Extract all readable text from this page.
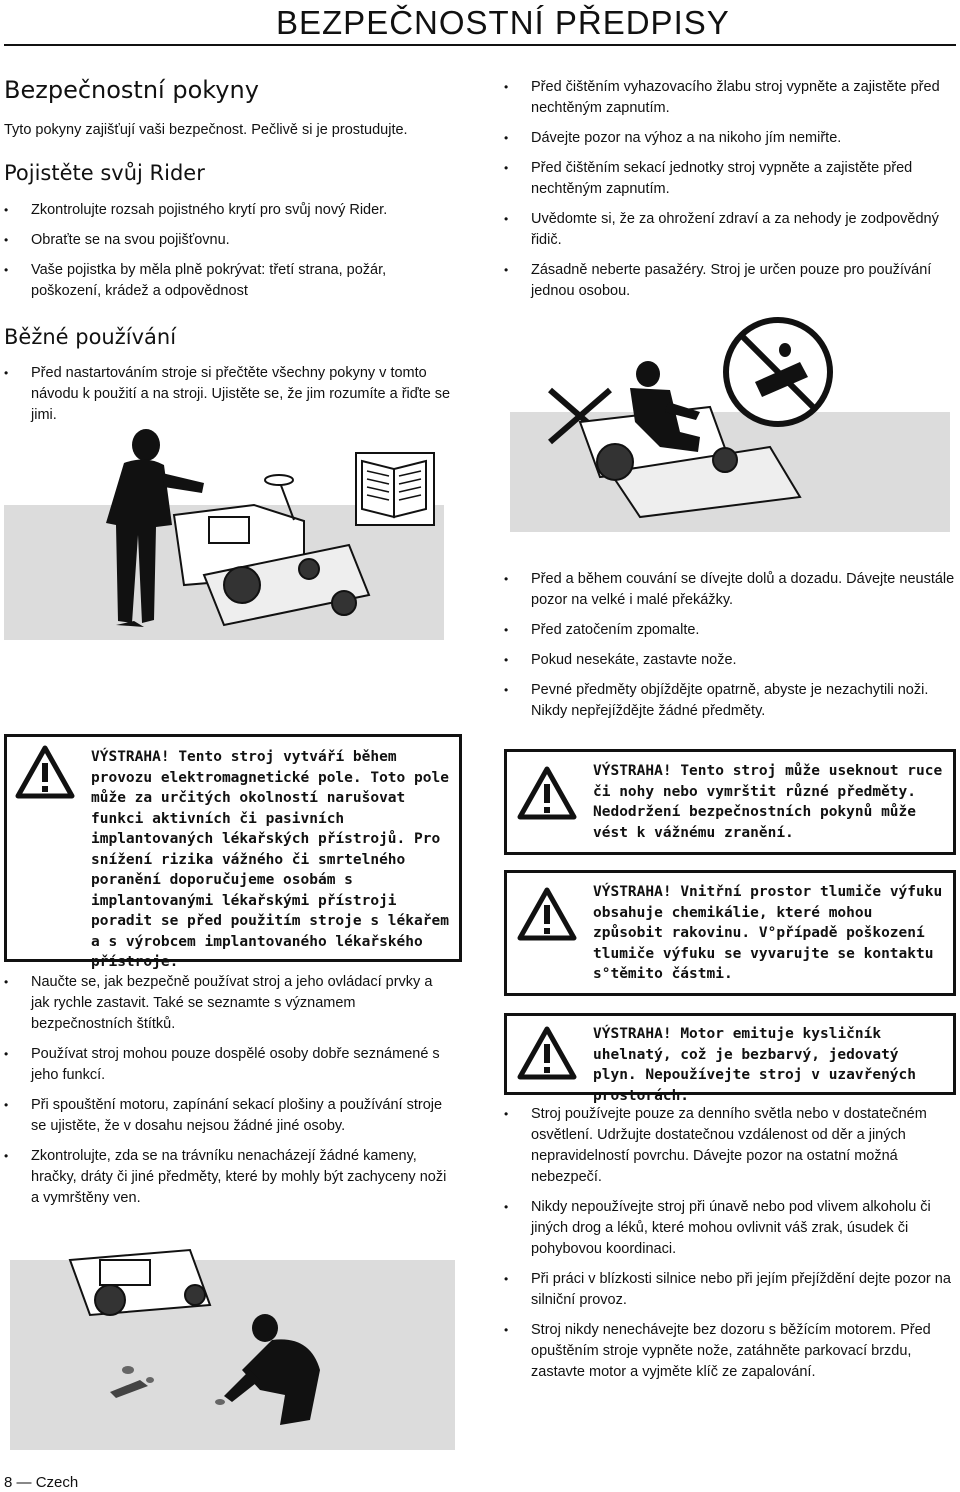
BEZPEČNOSTNÍ PŘEDPISY
Bezpečnostní pokyny

Tyto pokyny zajišťují vaši bezpečnost. Pečlivě si je prostudujte.

Pojistěte svůj Rider
• Zkontrolujte rozsah pojistného krytí pro svůj nový Rider.
• Obraťte se na svou pojišťovnu.
• Vaše pojistka by měla plně pokrývat: třetí strana, požár, poškození, krádež a odpovědnost
Běžné používání
• Před nastartováním stroje si přečtěte všechny pokyny v tomto návodu k použití a na stroji. Ujistěte se, že jim rozumíte a řiďte se jimi.
VÝSTRAHA! Tento stroj vytváří během provozu elektromagnetické pole. Toto pole může za určitých okolností narušovat funkci aktivních či pasivních implantovaných lékařských přístrojů. Pro snížení rizika vážného či smrtelného poranění doporučujeme osobám s implantovanými lékařskými přístroji poradit se před použitím stroje s lékařem a s výrobcem implantovaného lékařského přístroje.
• Naučte se, jak bezpečně používat stroj a jeho ovládací prvky a jak rychle zastavit. Také se seznamte s významem bezpečnostních štítků.
• Používat stroj mohou pouze dospělé osoby dobře seznámené s jeho funkcí.
• Při spouštění motoru, zapínání sekací plošiny a používání stroje se ujistěte, že v dosahu nejsou žádné jiné osoby.
• Zkontrolujte, zda se na trávníku nenacházejí žádné kameny, hračky, dráty či jiné předměty, které by mohly být zachyceny noži a vymrštěny ven.
• Před čištěním vyhazovacího žlabu stroj vypněte a zajistěte před nechtěným zapnutím.
• Dávejte pozor na výhoz a na nikoho jím nemiřte.
• Před čištěním sekací jednotky stroj vypněte a zajistěte před nechtěným zapnutím.
• Uvědomte si, že za ohrožení zdraví a za nehody je zodpovědný řidič.
• Zásadně neberte pasažéry. Stroj je určen pouze pro používání jednou osobou.
• Před a během couvání se dívejte dolů a dozadu. Dávejte neustále pozor na velké i malé překážky.
• Před zatočením zpomalte.
• Pokud nesekáte, zastavte nože.
• Pevné předměty objíždějte opatrně, abyste je nezachytili noži. Nikdy nepřejíždějte žádné předměty.
VÝSTRAHA! Tento stroj může useknout ruce či nohy nebo vymrštit různé předměty. Nedodržení bezpečnostních pokynů může vést k vážnému zranění.
VÝSTRAHA! Vnitřní prostor tlumiče výfuku obsahuje chemikálie, které mohou způsobit rakovinu. V°případě poškození tlumiče výfuku se vyvarujte se kontaktu s°těmito částmi.
VÝSTRAHA! Motor emituje kysličník uhelnatý, což je bezbarvý, jedovatý plyn. Nepoužívejte stroj v uzavřených prostorách.
• Stroj používejte pouze za denního světla nebo v dostatečném osvětlení. Udržujte dostatečnou vzdálenost od děr a jiných nepravidelností povrchu. Dávejte pozor na ostatní možná nebezpečí.
• Nikdy nepoužívejte stroj při únavě nebo pod vlivem alkoholu či jiných drog a léků, které mohou ovlivnit váš zrak, úsudek či pohybovou koordinaci.
• Při práci v blízkosti silnice nebo při jejím přejíždění dejte pozor na silniční provoz.
• Stroj nikdy nenechávejte bez dozoru s běžícím motorem. Před opuštěním stroje vypněte nože, zatáhněte parkovací brzdu, zastavte motor a vyjměte klíč ze zapalování.
8 — Czech
